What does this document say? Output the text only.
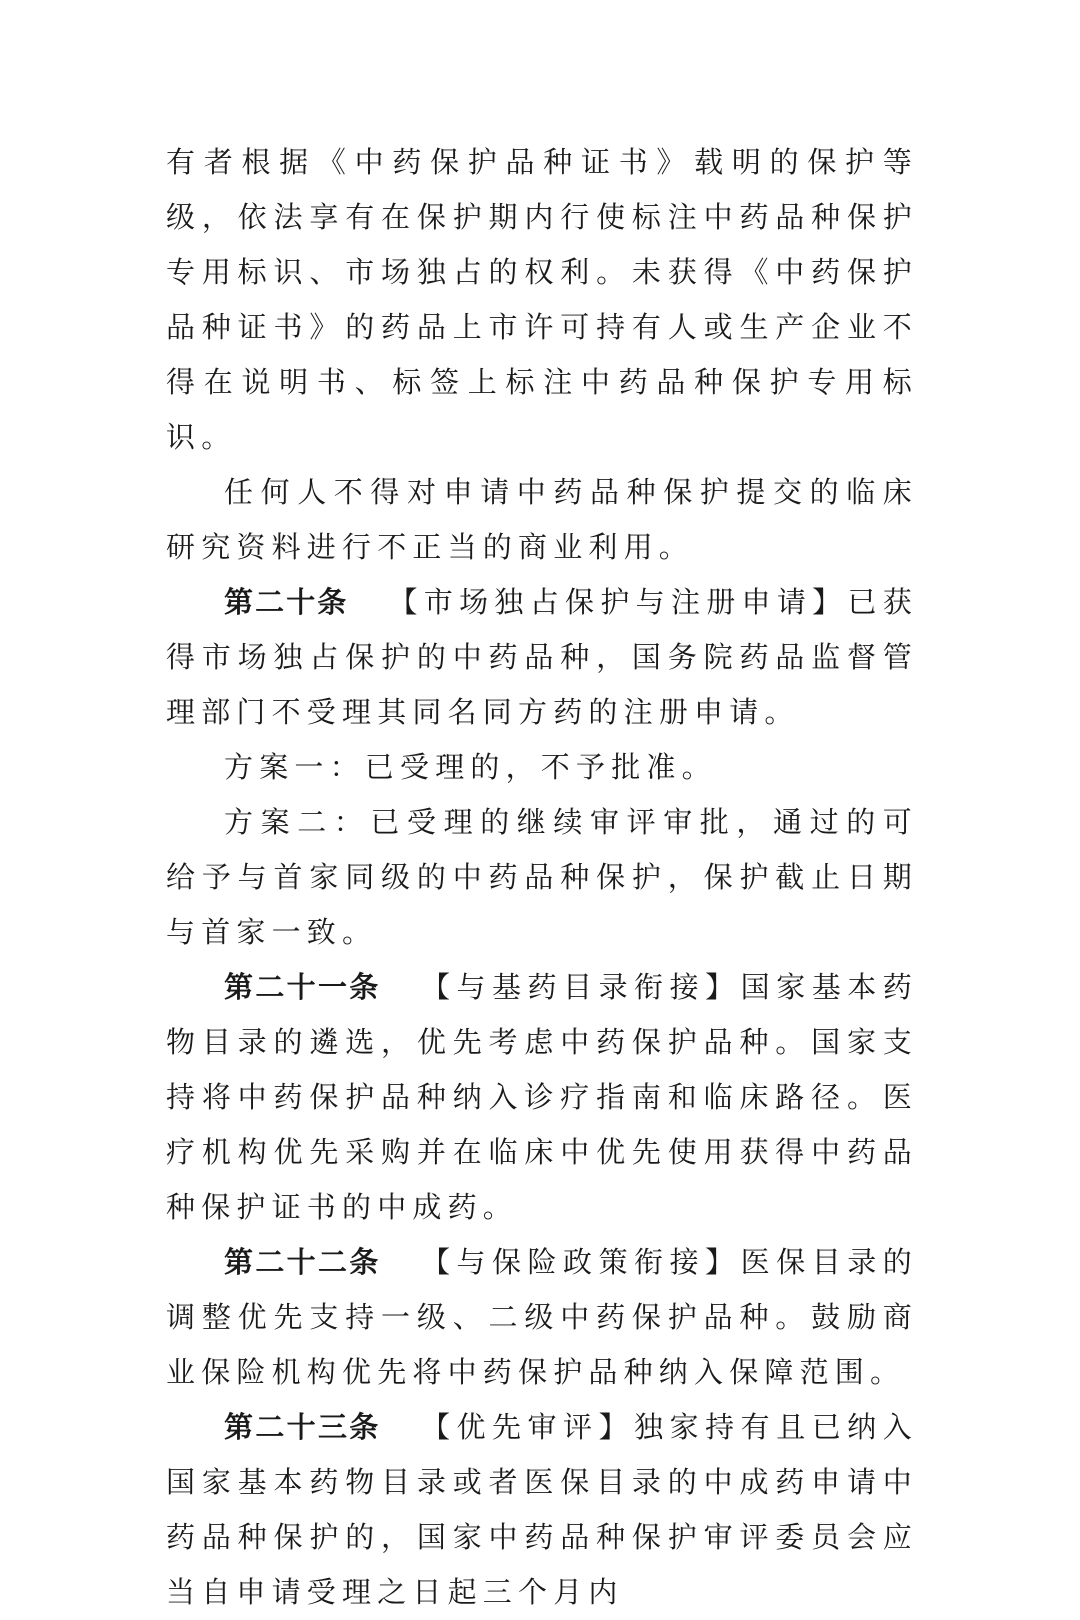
有者根据《中药保护品种证书》载明的保护等级，依法享有在保护期内行使标注中药品种保护专用标识、市场独占的权利。未获得《中药保护品种证书》的药品上市许可持有人或生产企业不得在说明书、标签上标注中药品种保护专用标识。

任何人不得对申请中药品种保护提交的临床研究资料进行不正当的商业利用。

第二十条 【市场独占保护与注册申请】已获得市场独占保护的中药品种，国务院药品监督管理部门不受理其同名同方药的注册申请。

方案一：已受理的，不予批准。

方案二：已受理的继续审评审批，通过的可给予与首家同级的中药品种保护，保护截止日期与首家一致。

第二十一条 【与基药目录衔接】国家基本药物目录的遴选，优先考虑中药保护品种。国家支持将中药保护品种纳入诊疗指南和临床路径。医疗机构优先采购并在临床中优先使用获得中药品种保护证书的中成药。

第二十二条 【与保险政策衔接】医保目录的调整优先支持一级、二级中药保护品种。鼓励商业保险机构优先将中药保护品种纳入保障范围。

第二十三条 【优先审评】独家持有且已纳入国家基本药物目录或者医保目录的中成药申请中药品种保护的，国家中药品种保护审评委员会应当自申请受理之日起三个月内
